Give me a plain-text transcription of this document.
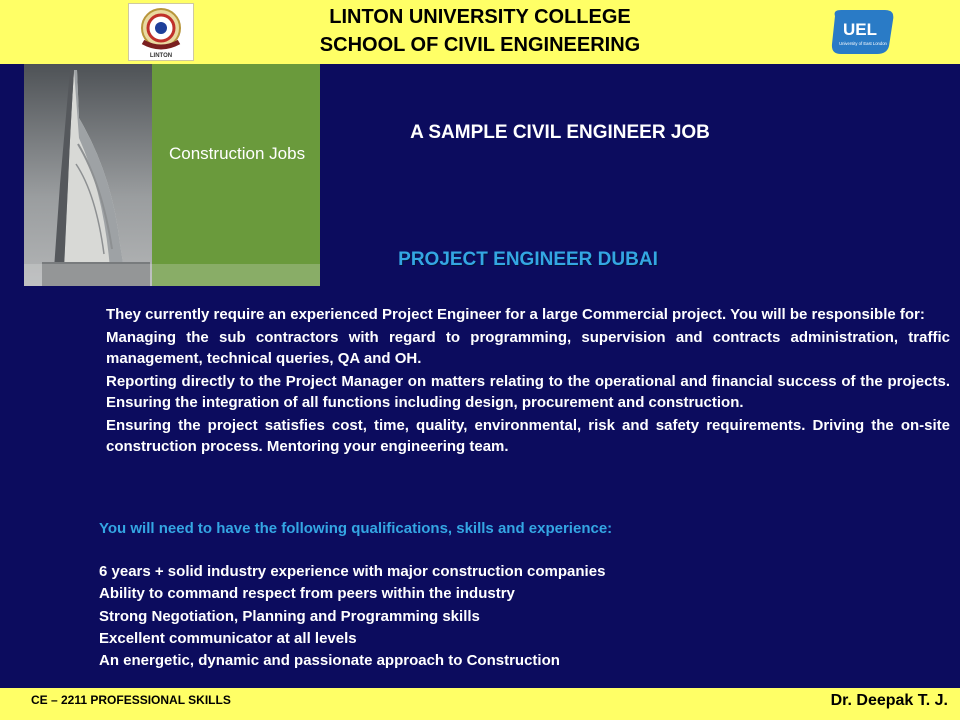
LINTON
LINTON UNIVERSITY COLLEGE
SCHOOL OF CIVIL ENGINEERING
UEL
University of East London
Construction Jobs
A SAMPLE CIVIL ENGINEER JOB
PROJECT ENGINEER DUBAI

They currently require an experienced Project Engineer for a large Commercial project. You will be responsible for:

Managing the sub contractors with regard to programming, supervision and contracts administration, traffic management, technical queries, QA and OH.

Reporting directly to the Project Manager on matters relating to the operational and financial success of the projects. Ensuring the integration of all functions including design, procurement and construction.

Ensuring the project satisfies cost, time, quality, environmental, risk and safety requirements. Driving the on-site construction process. Mentoring your engineering team.

You will need to have the following qualifications, skills and experience:
6 years + solid industry experience with major construction companies
Ability to command respect from peers within the industry
Strong Negotiation, Planning and Programming skills
Excellent communicator at all levels
An energetic, dynamic and passionate approach to Construction
CE – 2211 PROFESSIONAL SKILLS	Dr. Deepak T. J.
